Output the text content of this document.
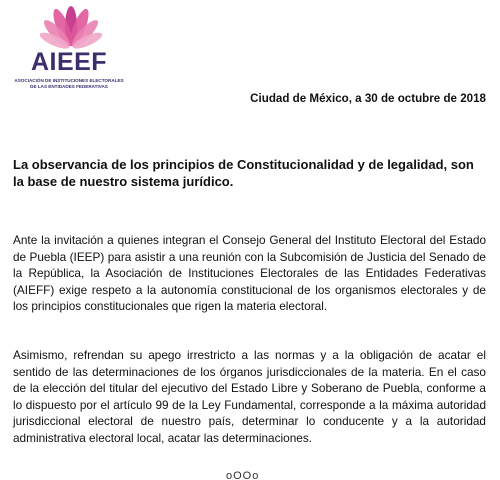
AIEEF
ASOCIACIÓN DE INSTITUCIONES ELECTORALES
DE LAS ENTIDADES FEDERATIVAS
Ciudad de México, a 30 de octubre de 2018
La observancia de los principios de Constitucionalidad y de legalidad, son la base de nuestro sistema jurídico.
Ante la invitación a quienes integran el Consejo General del Instituto Electoral del Estado de Puebla (IEEP) para asistir a una reunión con la Subcomisión de Justicia del Senado de la República, la Asociación de Instituciones Electorales de las Entidades Federativas (AIEFF) exige respeto a la autonomía constitucional de los organismos electorales y de los principios constitucionales que rigen la materia electoral.
Asimismo, refrendan su apego irrestricto a las normas y a la obligación de acatar el sentido de las determinaciones de los órganos jurisdiccionales de la materia. En el caso de la elección del titular del ejecutivo del Estado Libre y Soberano de Puebla, conforme a lo dispuesto por el artículo 99 de la Ley Fundamental, corresponde a la máxima autoridad jurisdiccional electoral de nuestro país, determinar lo conducente y a la autoridad administrativa electoral local, acatar las determinaciones.
oOOo
